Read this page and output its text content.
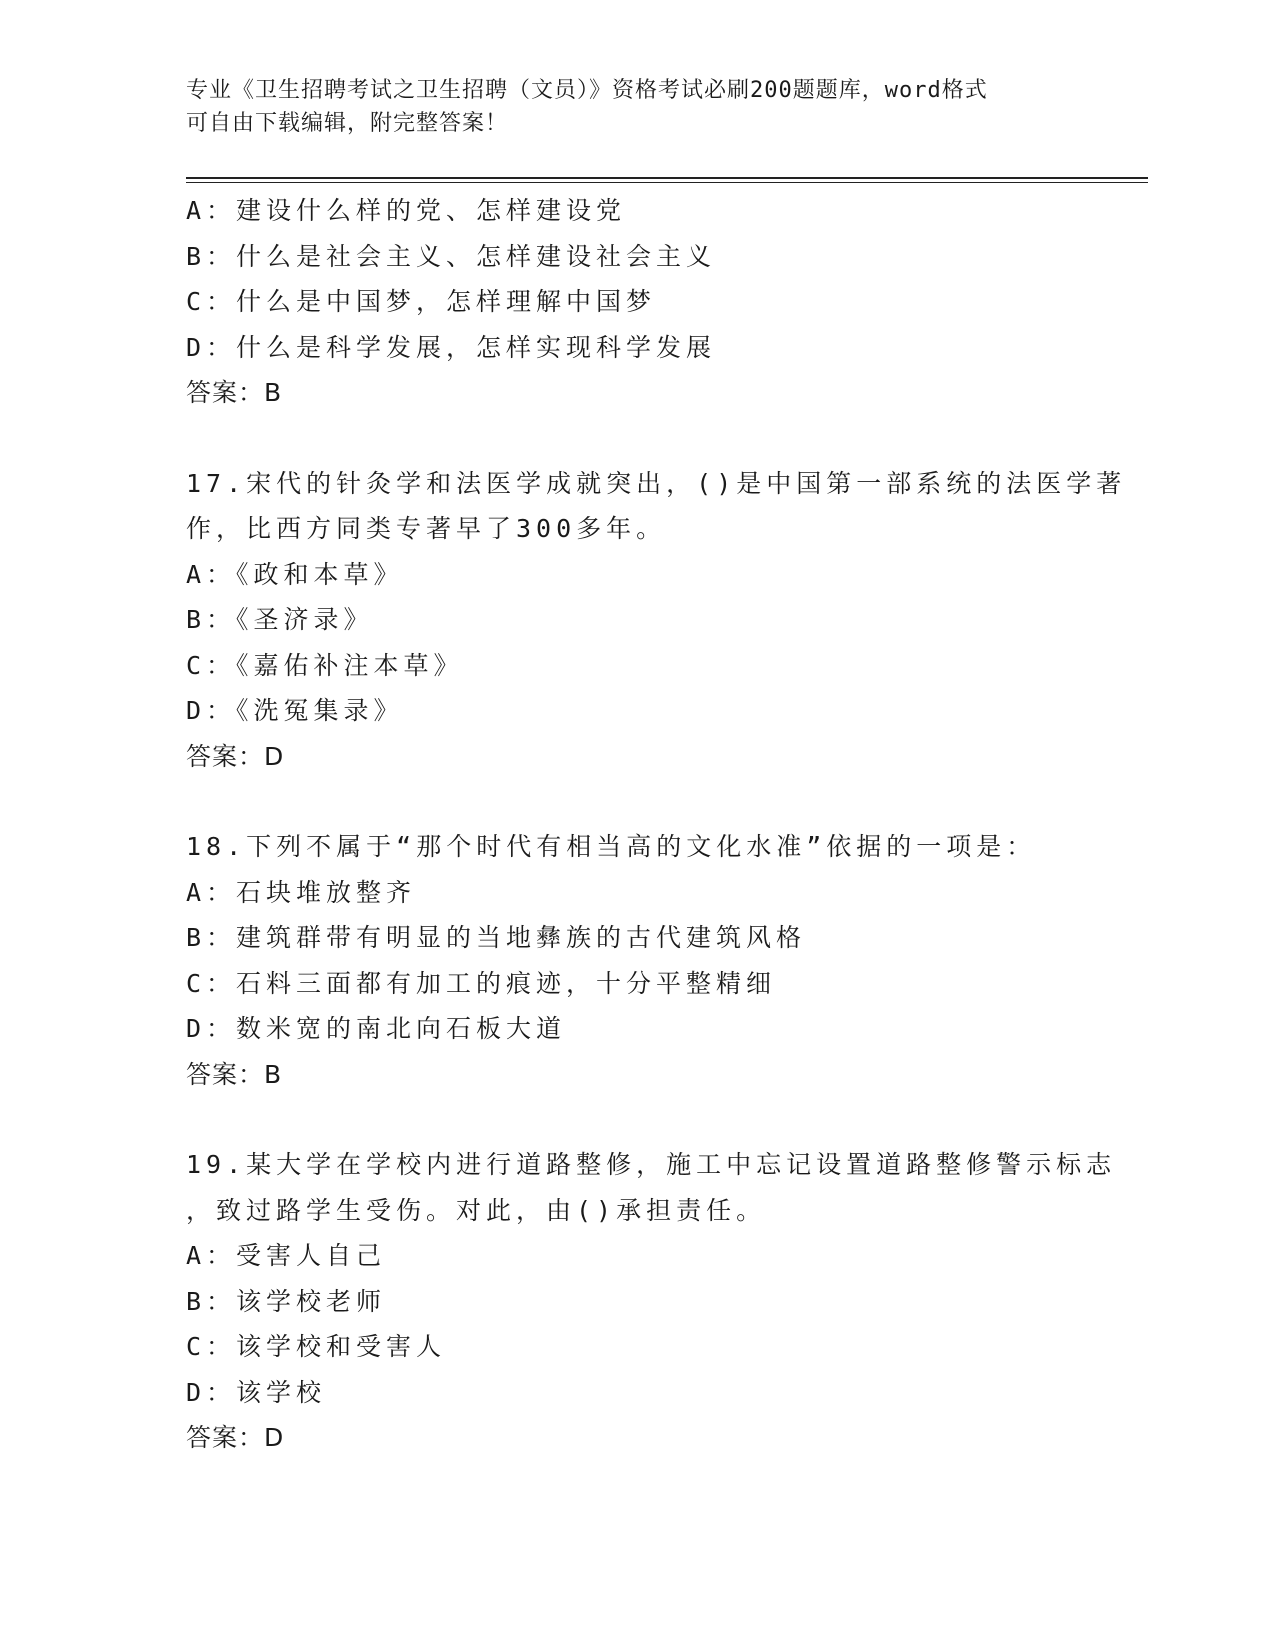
专业《卫生招聘考试之卫生招聘（文员）》资格考试必刷200题题库，word格式
可自由下载编辑，附完整答案！
A：建设什么样的党、怎样建设党
B：什么是社会主义、怎样建设社会主义
C：什么是中国梦，怎样理解中国梦
D：什么是科学发展，怎样实现科学发展
答案：B
17.宋代的针灸学和法医学成就突出，()是中国第一部系统的法医学著
作，比西方同类专著早了300多年。
A：《政和本草》
B：《圣济录》
C：《嘉佑补注本草》
D：《洗冤集录》
答案：D
18.下列不属于“那个时代有相当高的文化水准”依据的一项是：
A：石块堆放整齐
B：建筑群带有明显的当地彝族的古代建筑风格
C：石料三面都有加工的痕迹，十分平整精细
D：数米宽的南北向石板大道
答案：B
19.某大学在学校内进行道路整修，施工中忘记设置道路整修警示标志
，致过路学生受伤。对此，由()承担责任。
A：受害人自己
B：该学校老师
C：该学校和受害人
D：该学校
答案：D
